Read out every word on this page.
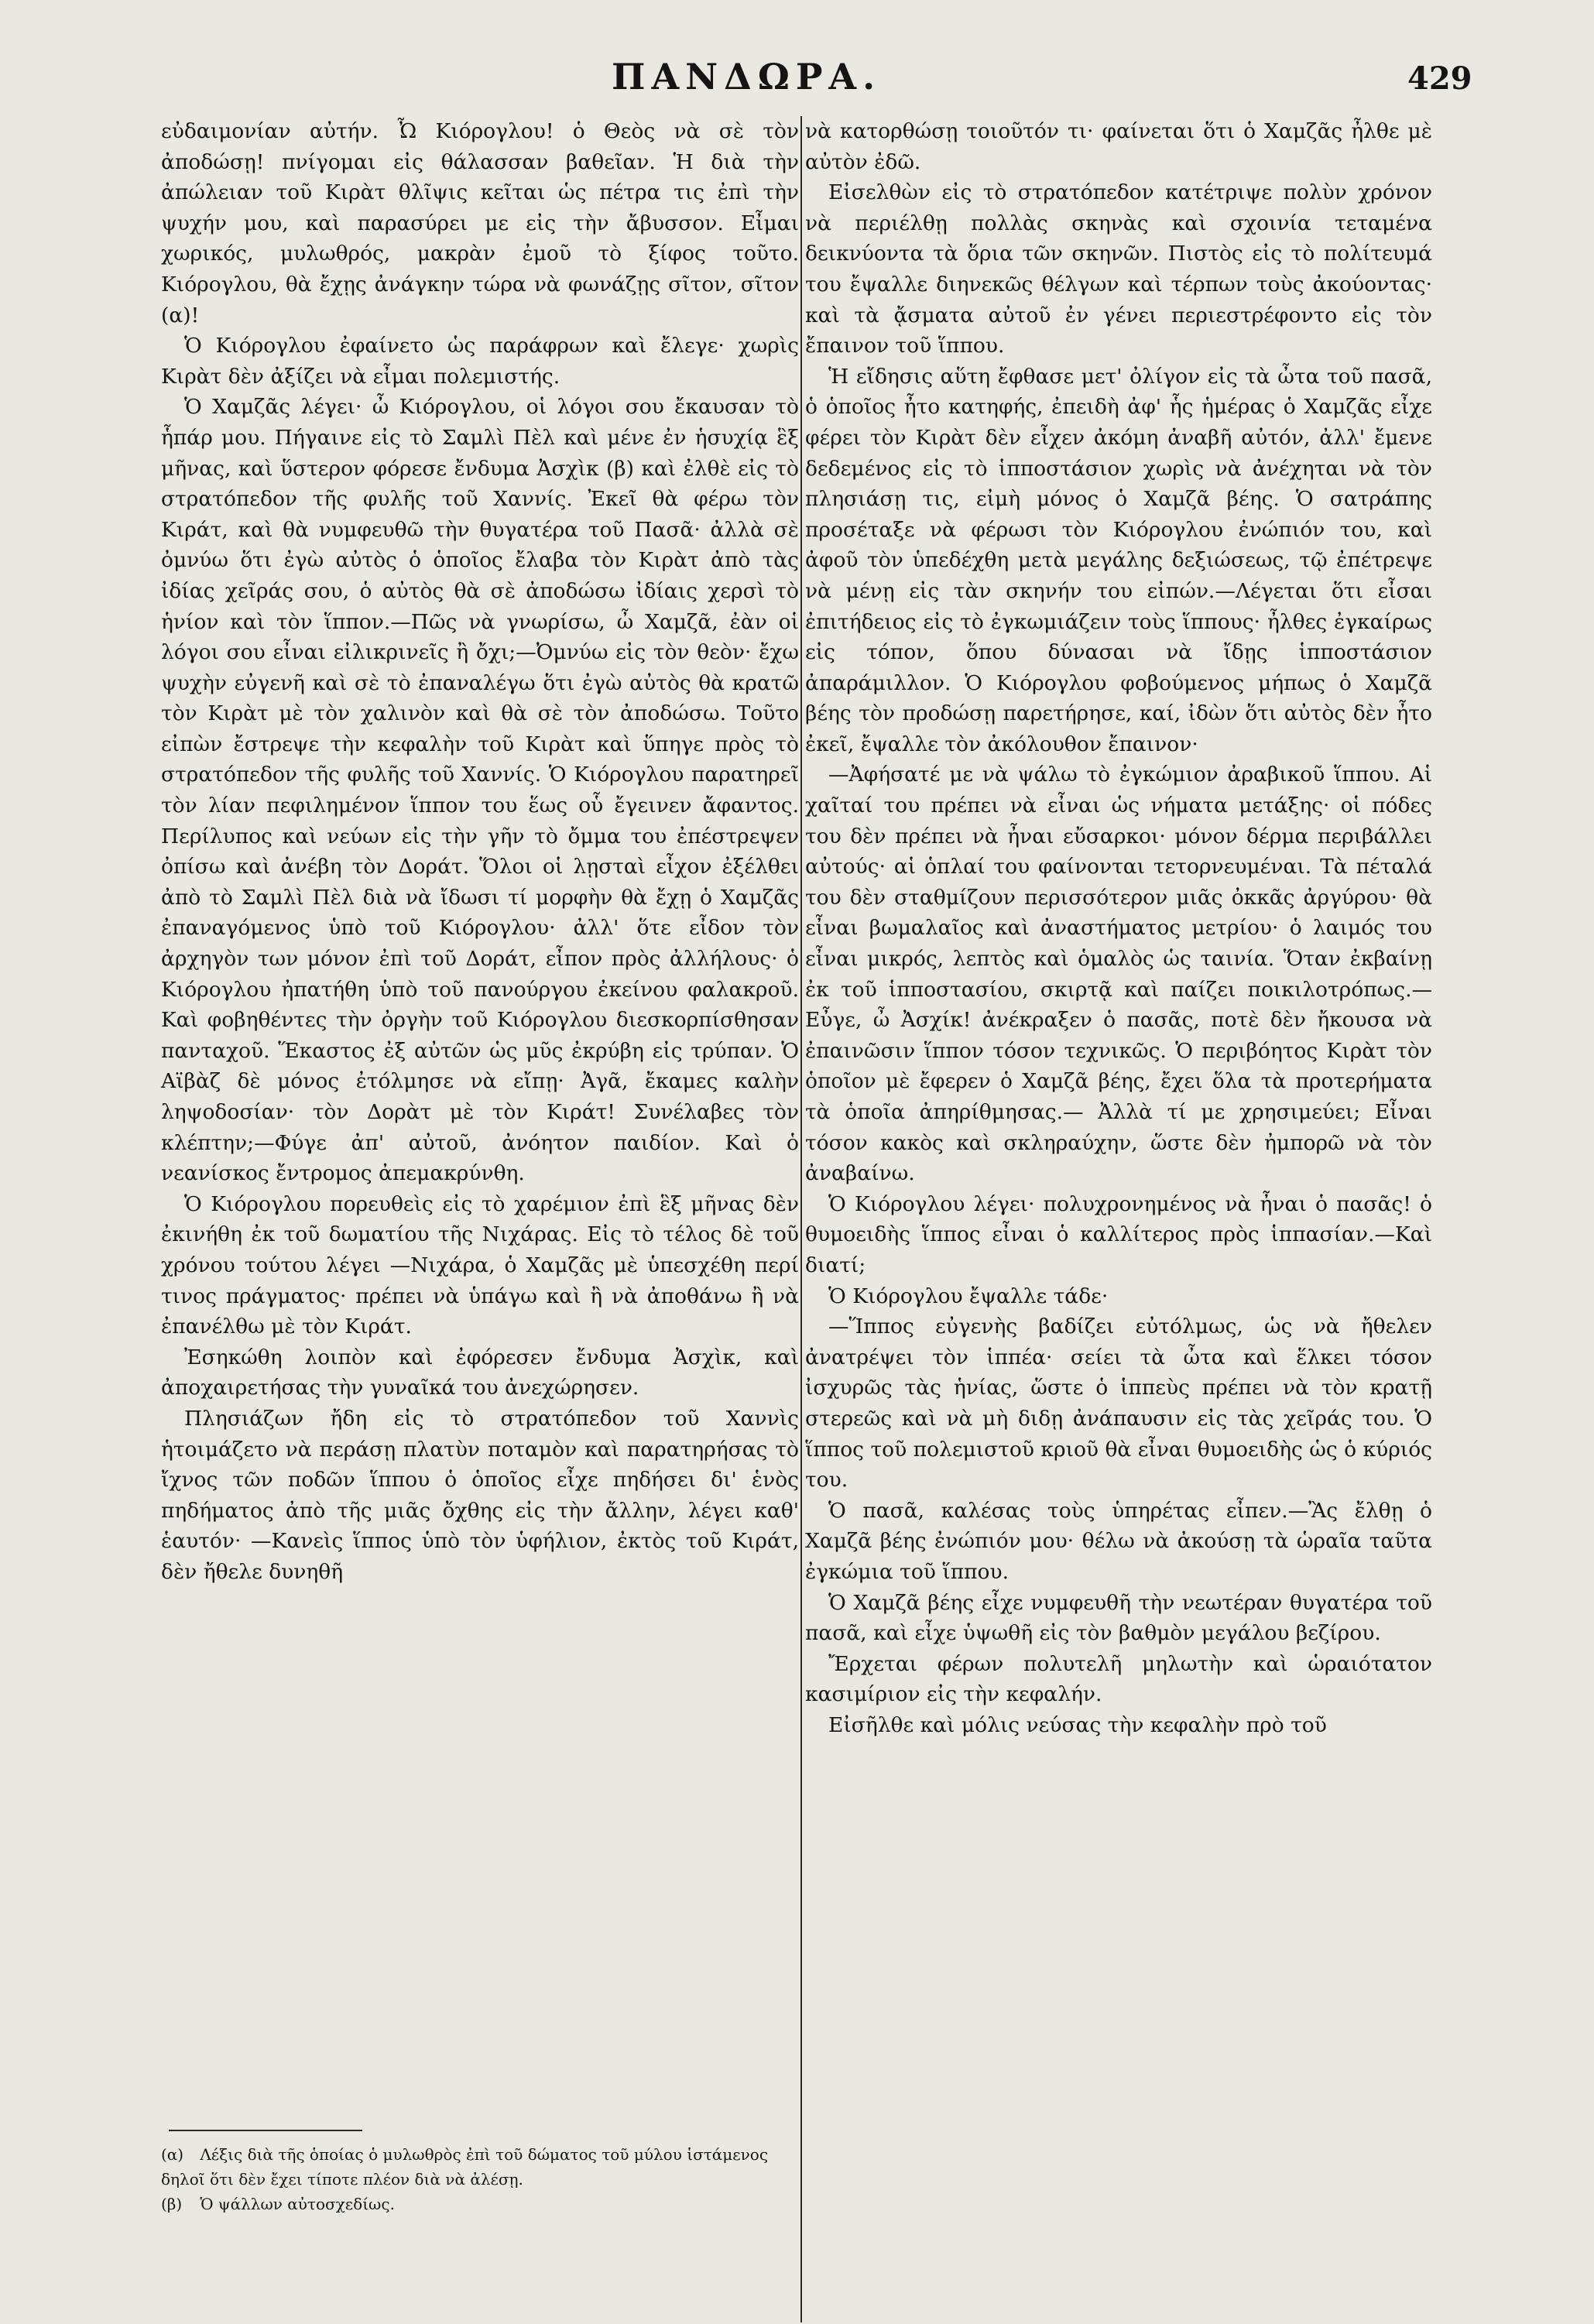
ΠΑΝΔΩΡΑ.	429

εὐδαιμονίαν αὐτήν. Ὦ Κιόρογλου! ὁ Θεὸς νὰ σὲ τὸν ἀποδώσῃ! πνίγομαι εἰς θάλασσαν βαθεῖαν. Ἡ διὰ τὴν ἀπώλειαν τοῦ Κιρὰτ θλῖψις κεῖται ὡς πέτρα τις ἐπὶ τὴν ψυχήν μου, καὶ παρασύρει με εἰς τὴν ἄβυσσον. Εἶμαι χωρικός, μυλωθρός, μακρὰν ἐμοῦ τὸ ξίφος τοῦτο. Κιόρογλου, θὰ ἔχῃς ἀνάγκην τώρα νὰ φωνάζῃς σῖτον, σῖτον (α)!

Ὁ Κιόρογλου ἐφαίνετο ὡς παράφρων καὶ ἔλεγε· χωρὶς Κιρὰτ δὲν ἀξίζει νὰ εἶμαι πολεμιστής.

Ὁ Χαμζᾶς λέγει· ὦ Κιόρογλου, οἱ λόγοι σου ἔκαυσαν τὸ ἧπάρ μου. Πήγαινε εἰς τὸ Σαμλὶ Πὲλ καὶ μένε ἐν ἡσυχίᾳ ἓξ μῆνας, καὶ ὕστερον φόρεσε ἔνδυμα Ἀσχὶκ (β) καὶ ἐλθὲ εἰς τὸ στρατόπεδον τῆς φυλῆς τοῦ Χαννίς. Ἐκεῖ θὰ φέρω τὸν Κιράτ, καὶ θὰ νυμφευθῶ τὴν θυγατέρα τοῦ Πασᾶ· ἀλλὰ σὲ ὀμνύω ὅτι ἐγὼ αὐτὸς ὁ ὁποῖος ἔλαβα τὸν Κιρὰτ ἀπὸ τὰς ἰδίας χεῖράς σου, ὁ αὐτὸς θὰ σὲ ἀποδώσω ἰδίαις χερσὶ τὸ ἡνίον καὶ τὸν ἵππον.—Πῶς νὰ γνωρίσω, ὦ Χαμζᾶ, ἐὰν οἱ λόγοι σου εἶναι εἰλικρινεῖς ἢ ὄχι;—Ὀμνύω εἰς τὸν θεὸν· ἔχω ψυχὴν εὐγενῆ καὶ σὲ τὸ ἐπαναλέγω ὅτι ἐγὼ αὐτὸς θὰ κρατῶ τὸν Κιρὰτ μὲ τὸν χαλινὸν καὶ θὰ σὲ τὸν ἀποδώσω. Τοῦτο εἰπὼν ἔστρεψε τὴν κεφαλὴν τοῦ Κιρὰτ καὶ ὕπηγε πρὸς τὸ στρατόπεδον τῆς φυλῆς τοῦ Χαννίς. Ὁ Κιόρογλου παρατηρεῖ τὸν λίαν πεφιλημένον ἵππον του ἕως οὗ ἔγεινεν ἄφαντος. Περίλυπος καὶ νεύων εἰς τὴν γῆν τὸ ὄμμα του ἐπέστρεψεν ὀπίσω καὶ ἀνέβη τὸν Δοράτ. Ὅλοι οἱ λῃσταὶ εἶχον ἐξέλθει ἀπὸ τὸ Σαμλὶ Πὲλ διὰ νὰ ἴδωσι τί μορφὴν θὰ ἔχῃ ὁ Χαμζᾶς ἐπαναγόμενος ὑπὸ τοῦ Κιόρογλου· ἀλλ' ὅτε εἶδον τὸν ἀρχηγὸν των μόνον ἐπὶ τοῦ Δοράτ, εἶπον πρὸς ἀλλήλους· ὁ Κιόρογλου ἠπατήθη ὑπὸ τοῦ πανούργου ἐκείνου φαλακροῦ. Καὶ φοβηθέντες τὴν ὀργὴν τοῦ Κιόρογλου διεσκορπίσθησαν πανταχοῦ. Ἕκαστος ἐξ αὐτῶν ὡς μῦς ἐκρύβη εἰς τρύπαν. Ὁ Αϊβὰζ δὲ μόνος ἐτόλμησε νὰ εἴπῃ· Ἀγᾶ, ἔκαμες καλὴν ληψοδοσίαν· τὸν Δορὰτ μὲ τὸν Κιράτ! Συνέλαβες τὸν κλέπτην;—Φύγε ἀπ' αὐτοῦ, ἀνόητον παιδίον. Καὶ ὁ νεανίσκος ἔντρομος ἀπεμακρύνθη.

Ὁ Κιόρογλου πορευθεὶς εἰς τὸ χαρέμιον ἐπὶ ἓξ μῆνας δὲν ἐκινήθη ἐκ τοῦ δωματίου τῆς Νιχάρας. Εἰς τὸ τέλος δὲ τοῦ χρόνου τούτου λέγει —Νιχάρα, ὁ Χαμζᾶς μὲ ὑπεσχέθη περί τινος πράγματος· πρέπει νὰ ὑπάγω καὶ ἢ νὰ ἀποθάνω ἢ νὰ ἐπανέλθω μὲ τὸν Κιράτ.

Ἐσηκώθη λοιπὸν καὶ ἐφόρεσεν ἔνδυμα Ἀσχὶκ, καὶ ἀποχαιρετήσας τὴν γυναῖκά του ἀνεχώρησεν.

Πλησιάζων ἤδη εἰς τὸ στρατόπεδον τοῦ Χαννὶς ἡτοιμάζετο νὰ περάσῃ πλατὺν ποταμὸν καὶ παρατηρήσας τὸ ἴχνος τῶν ποδῶν ἵππου ὁ ὁποῖος εἶχε πηδήσει δι' ἑνὸς πηδήματος ἀπὸ τῆς μιᾶς ὄχθης εἰς τὴν ἄλλην, λέγει καθ' ἑαυτόν· —Κανεὶς ἵππος ὑπὸ τὸν ὑφήλιον, ἐκτὸς τοῦ Κιράτ, δὲν ἤθελε δυνηθῆ

νὰ κατορθώσῃ τοιοῦτόν τι· φαίνεται ὅτι ὁ Χαμζᾶς ἦλθε μὲ αὐτὸν ἐδῶ.

Εἰσελθὼν εἰς τὸ στρατόπεδον κατέτριψε πολὺν χρόνον νὰ περιέλθῃ πολλὰς σκηνὰς καὶ σχοινία τεταμένα δεικνύοντα τὰ ὅρια τῶν σκηνῶν. Πιστὸς εἰς τὸ πολίτευμά του ἔψαλλε διηνεκῶς θέλγων καὶ τέρπων τοὺς ἀκούοντας· καὶ τὰ ᾄσματα αὐτοῦ ἐν γένει περιεστρέφοντο εἰς τὸν ἔπαινον τοῦ ἵππου.

Ἡ εἴδησις αὕτη ἔφθασε μετ' ὀλίγον εἰς τὰ ὦτα τοῦ πασᾶ, ὁ ὁποῖος ἦτο κατηφής, ἐπειδὴ ἀφ' ἧς ἡμέρας ὁ Χαμζᾶς εἶχε φέρει τὸν Κιρὰτ δὲν εἶχεν ἀκόμη ἀναβῆ αὐτόν, ἀλλ' ἔμενε δεδεμένος εἰς τὸ ἱπποστάσιον χωρὶς νὰ ἀνέχηται νὰ τὸν πλησιάσῃ τις, εἰμὴ μόνος ὁ Χαμζᾶ βέης. Ὁ σατράπης προσέταξε νὰ φέρωσι τὸν Κιόρογλου ἐνώπιόν του, καὶ ἀφοῦ τὸν ὑπεδέχθη μετὰ μεγάλης δεξιώσεως, τῷ ἐπέτρεψε νὰ μένῃ εἰς τὰν σκηνήν του εἰπών.—Λέγεται ὅτι εἶσαι ἐπιτήδειος εἰς τὸ ἐγκωμιάζειν τοὺς ἵππους· ἦλθες ἐγκαίρως εἰς τόπον, ὅπου δύνασαι νὰ ἴδῃς ἱπποστάσιον ἀπαράμιλλον. Ὁ Κιόρογλου φοβούμενος μήπως ὁ Χαμζᾶ βέης τὸν προδώσῃ παρετήρησε, καί, ἰδὼν ὅτι αὐτὸς δὲν ἦτο ἐκεῖ, ἔψαλλε τὸν ἀκόλουθον ἔπαινον·

—Ἀφήσατέ με νὰ ψάλω τὸ ἐγκώμιον ἀραβικοῦ ἵππου. Αἱ χαῖταί του πρέπει νὰ εἶναι ὡς νήματα μετάξης· οἱ πόδες του δὲν πρέπει νὰ ἦναι εὔσαρκοι· μόνον δέρμα περιβάλλει αὐτούς· αἱ ὁπλαί του φαίνονται τετορνευμέναι. Τὰ πέταλά του δὲν σταθμίζουν περισσότερον μιᾶς ὀκκᾶς ἀργύρου· θὰ εἶναι βωμαλαῖος καὶ ἀναστήματος μετρίου· ὁ λαιμός του εἶναι μικρός, λεπτὸς καὶ ὁμαλὸς ὡς ταινία. Ὅταν ἐκβαίνῃ ἐκ τοῦ ἱπποστασίου, σκιρτᾷ καὶ παίζει ποικιλοτρόπως.—Εὖγε, ὦ Ἀσχίκ! ἀνέκραξεν ὁ πασᾶς, ποτὲ δὲν ἤκουσα νὰ ἐπαινῶσιν ἵππον τόσον τεχνικῶς. Ὁ περιβόητος Κιρὰτ τὸν ὁποῖον μὲ ἔφερεν ὁ Χαμζᾶ βέης, ἔχει ὅλα τὰ προτερήματα τὰ ὁποῖα ἀπηρίθμησας.— Ἀλλὰ τί με χρησιμεύει; Εἶναι τόσον κακὸς καὶ σκληραύχην, ὥστε δὲν ἠμπορῶ νὰ τὸν ἀναβαίνω.

Ὁ Κιόρογλου λέγει· πολυχρονημένος νὰ ἦναι ὁ πασᾶς! ὁ θυμοειδὴς ἵππος εἶναι ὁ καλλίτερος πρὸς ἱππασίαν.—Καὶ διατί;

Ὁ Κιόρογλου ἔψαλλε τάδε·

—Ἵππος εὐγενὴς βαδίζει εὐτόλμως, ὡς νὰ ἤθελεν ἀνατρέψει τὸν ἱππέα· σείει τὰ ὦτα καὶ ἕλκει τόσον ἰσχυρῶς τὰς ἡνίας, ὥστε ὁ ἱππεὺς πρέπει νὰ τὸν κρατῇ στερεῶς καὶ νὰ μὴ διδῃ ἀνάπαυσιν εἰς τὰς χεῖράς του. Ὁ ἵππος τοῦ πολεμιστοῦ κριοῦ θὰ εἶναι θυμοειδὴς ὡς ὁ κύριός του.

Ὁ πασᾶ, καλέσας τοὺς ὑπηρέτας εἶπεν.—Ἂς ἔλθῃ ὁ Χαμζᾶ βέης ἐνώπιόν μου· θέλω νὰ ἀκούσῃ τὰ ὡραῖα ταῦτα ἐγκώμια τοῦ ἵππου.

Ὁ Χαμζᾶ βέης εἶχε νυμφευθῆ τὴν νεωτέραν θυγατέρα τοῦ πασᾶ, καὶ εἶχε ὑψωθῆ εἰς τὸν βαθμὸν μεγάλου βεζίρου.

Ἔρχεται φέρων πολυτελῆ μηλωτὴν καὶ ὡραιότατον κασιμίριον εἰς τὴν κεφαλήν.

Εἰσῆλθε καὶ μόλις νεύσας τὴν κεφαλὴν πρὸ τοῦ

(α) Λέξις διὰ τῆς ὁποίας ὁ μυλωθρὸς ἐπὶ τοῦ δώματος τοῦ μύλου ἱστάμενος δηλοῖ ὅτι δὲν ἔχει τίποτε πλέον διὰ νὰ ἀλέσῃ.

(β) Ὁ ψάλλων αὐτοσχεδίως.
